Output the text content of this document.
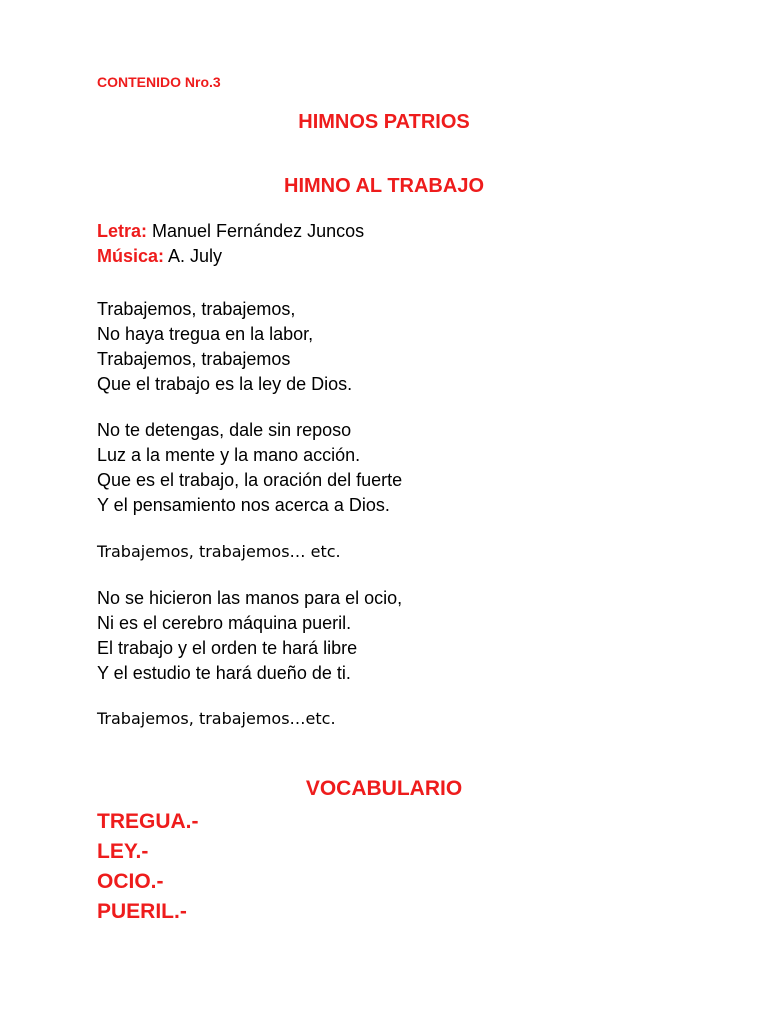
CONTENIDO Nro.3
HIMNOS PATRIOS
HIMNO AL TRABAJO
Letra: Manuel Fernández Juncos
Música: A. July
Trabajemos, trabajemos,
No haya tregua en la labor,
Trabajemos, trabajemos
Que el trabajo es la ley de Dios.
No te detengas, dale sin reposo
Luz a la mente y la mano acción.
Que es el trabajo, la oración del fuerte
Y el pensamiento nos acerca a Dios.
Trabajemos, trabajemos… etc.
No se hicieron las manos para el ocio,
Ni es el cerebro máquina pueril.
El trabajo y el orden te hará libre
Y el estudio te hará dueño de ti.
Trabajemos, trabajemos…etc.
VOCABULARIO
TREGUA.-
LEY.-
OCIO.-
PUERIL.-
